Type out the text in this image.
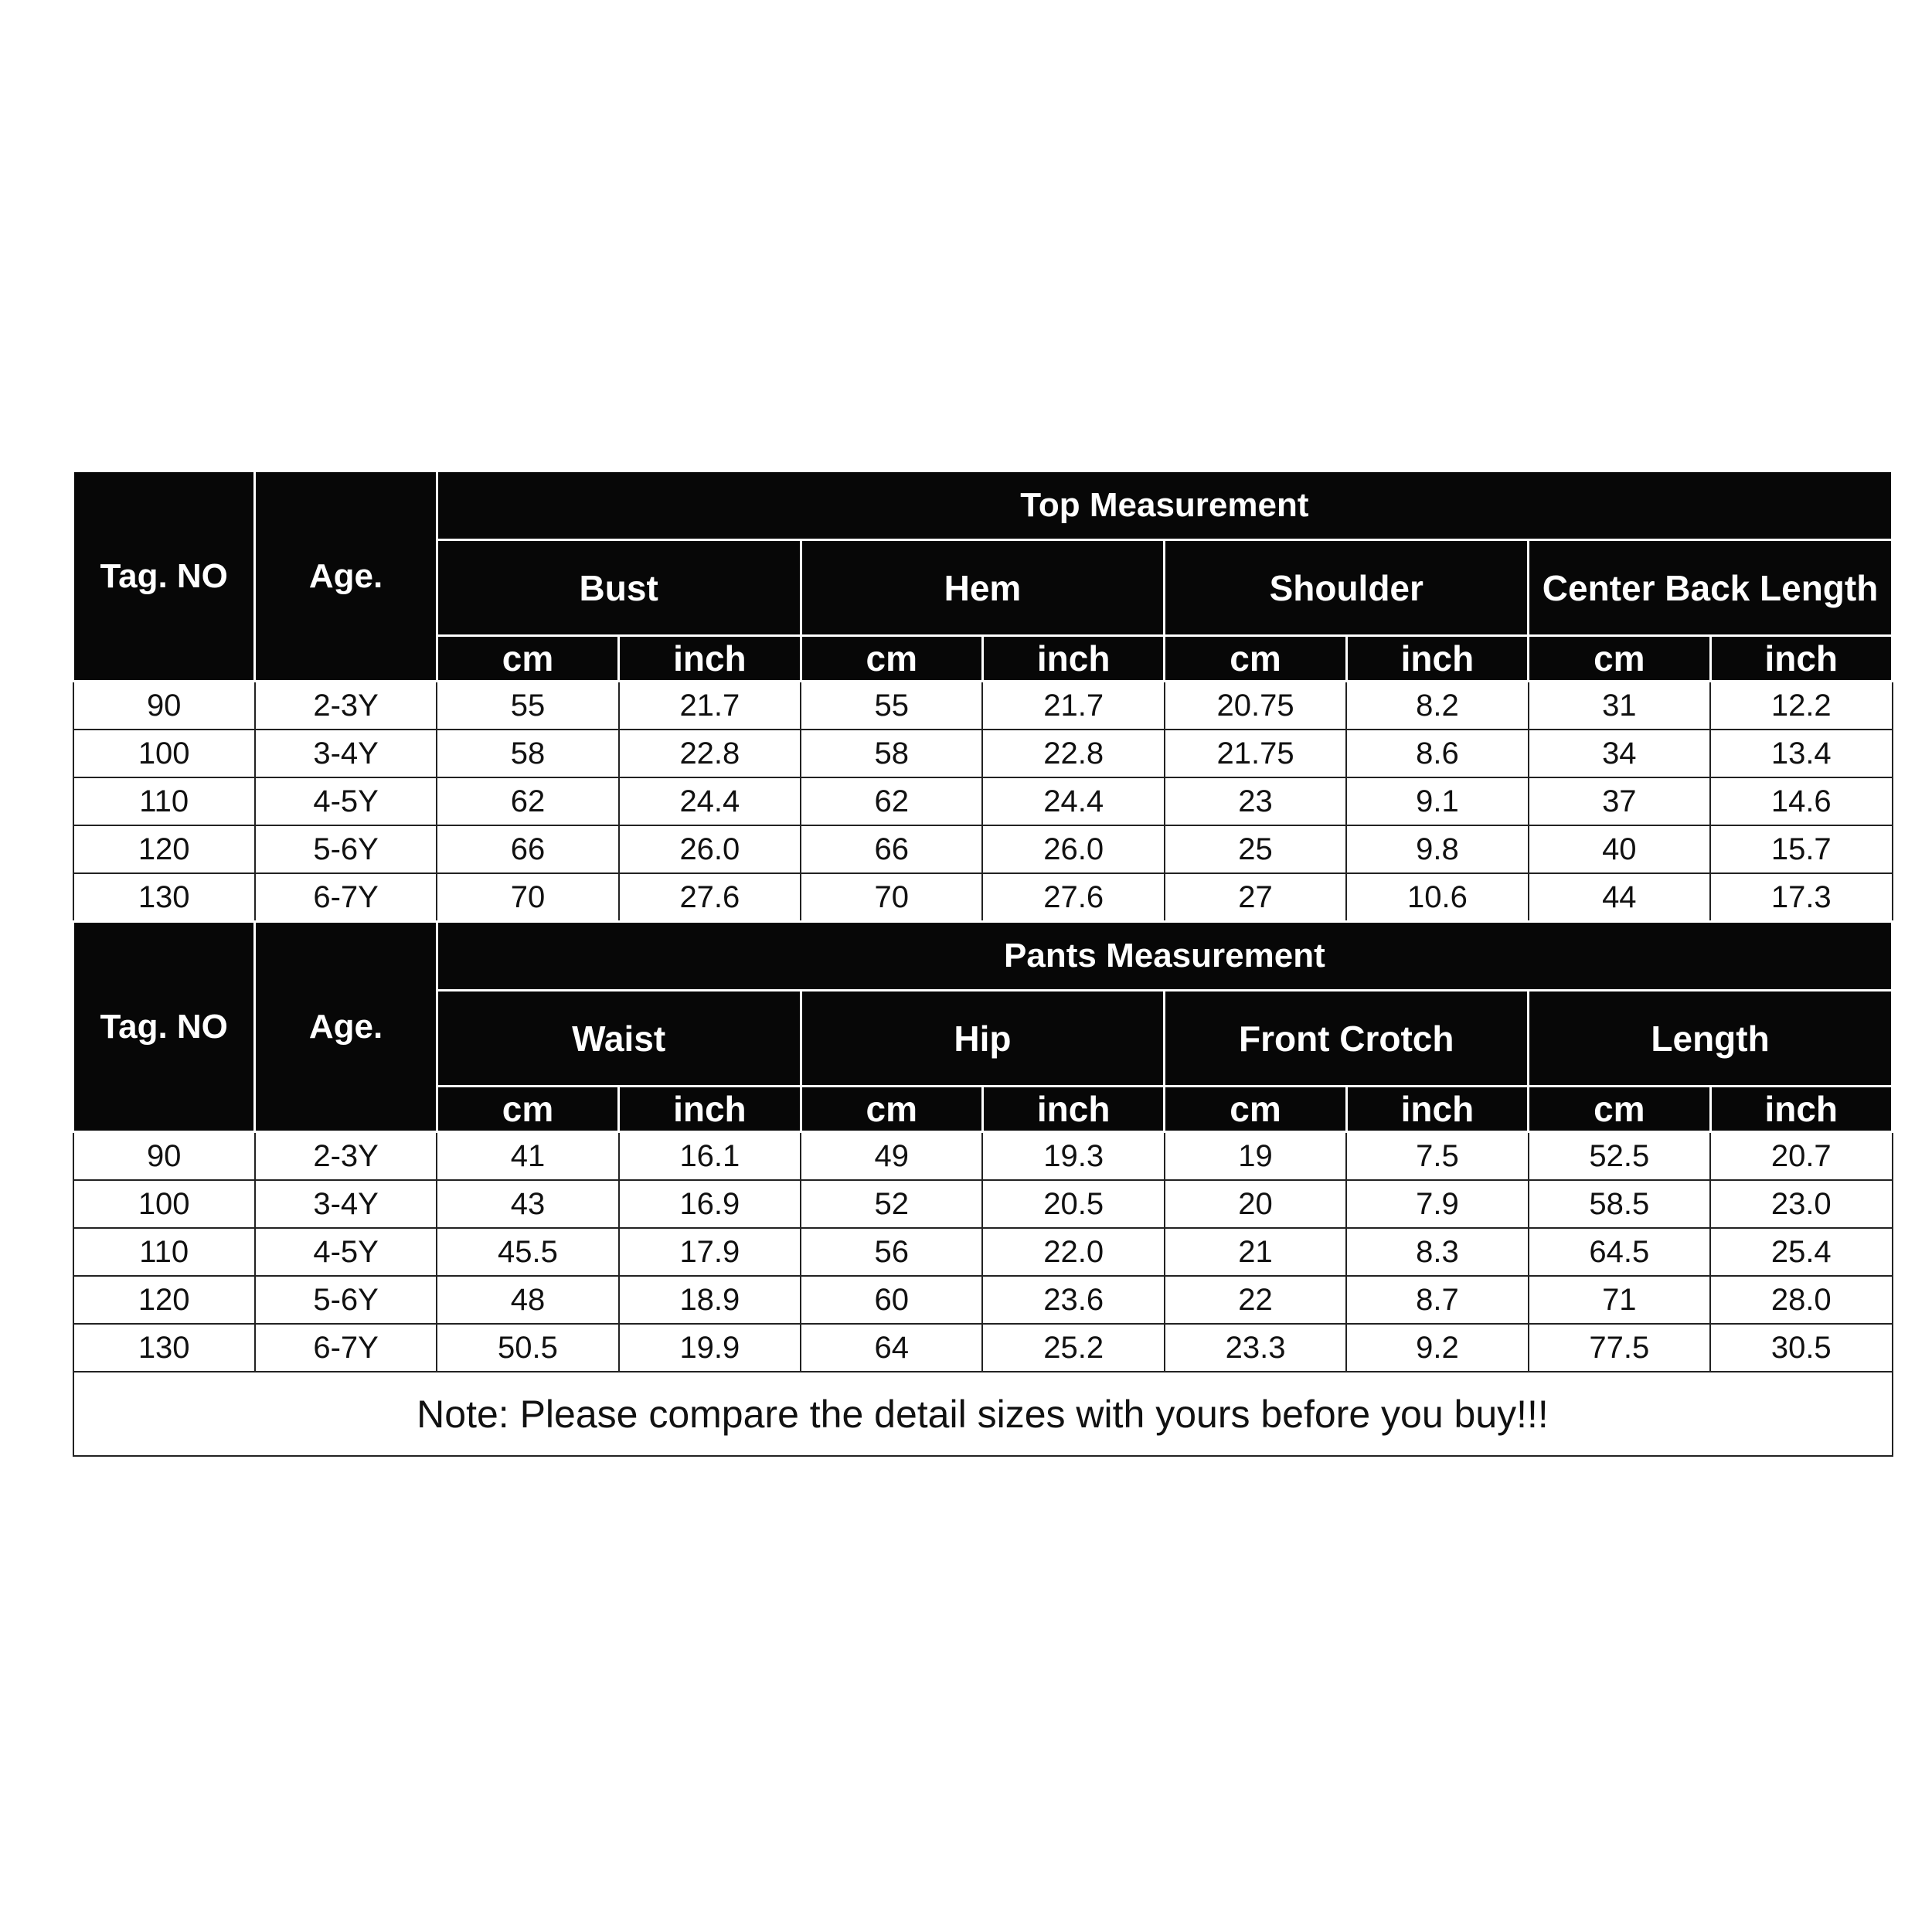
Tag. NO	Age.	Top Measurement							
		Bust		Hem		Shoulder		Center Back Length	
		cm	inch	cm	inch	cm	inch	cm	inch
90	2-3Y	55	21.7	55	21.7	20.75	8.2	31	12.2
100	3-4Y	58	22.8	58	22.8	21.75	8.6	34	13.4
110	4-5Y	62	24.4	62	24.4	23	9.1	37	14.6
120	5-6Y	66	26.0	66	26.0	25	9.8	40	15.7
130	6-7Y	70	27.6	70	27.6	27	10.6	44	17.3
Tag. NO	Age.	Pants Measurement							
		Waist		Hip		Front Crotch		Length	
		cm	inch	cm	inch	cm	inch	cm	inch
90	2-3Y	41	16.1	49	19.3	19	7.5	52.5	20.7
100	3-4Y	43	16.9	52	20.5	20	7.9	58.5	23.0
110	4-5Y	45.5	17.9	56	22.0	21	8.3	64.5	25.4
120	5-6Y	48	18.9	60	23.6	22	8.7	71	28.0
130	6-7Y	50.5	19.9	64	25.2	23.3	9.2	77.5	30.5
Note: Please compare the detail sizes with yours before you buy!!!									
